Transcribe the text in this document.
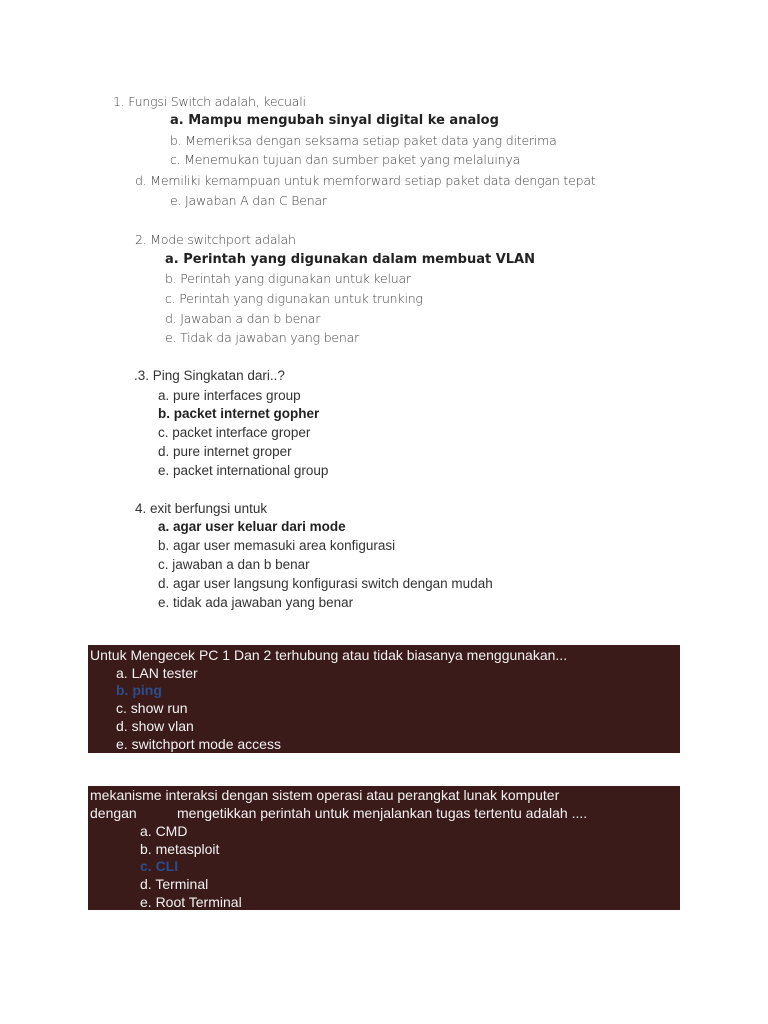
1. Fungsi Switch adalah, kecuali
a. Mampu mengubah sinyal digital ke analog
b. Memeriksa dengan seksama setiap paket data yang diterima
c. Menemukan tujuan dan sumber paket yang melaluinya
d. Memiliki kemampuan untuk memforward setiap paket data dengan tepat
e. Jawaban A dan C Benar
2. Mode switchport adalah
a. Perintah yang digunakan dalam membuat VLAN
b. Perintah yang digunakan untuk keluar
c. Perintah yang digunakan untuk trunking
d. Jawaban a dan b benar
e. Tidak da jawaban yang benar
.3. Ping Singkatan dari..?
a. pure interfaces group
b. packet internet gopher
c. packet interface groper
d. pure internet groper
e. packet international group
4. exit berfungsi untuk
a. agar user keluar dari mode
b. agar user memasuki area konfigurasi
c. jawaban a dan b benar
d. agar user langsung konfigurasi switch dengan mudah
e. tidak ada jawaban yang benar
Untuk Mengecek PC 1 Dan 2 terhubung atau tidak biasanya menggunakan...
a. LAN tester
b. ping
c. show run
d. show vlan
e. switchport mode access
mekanisme interaksi dengan sistem operasi atau perangkat lunak komputer
dengan	mengetikkan perintah untuk menjalankan tugas tertentu adalah ....
a. CMD
b. metasploit
c. CLI
d. Terminal
e. Root Terminal
